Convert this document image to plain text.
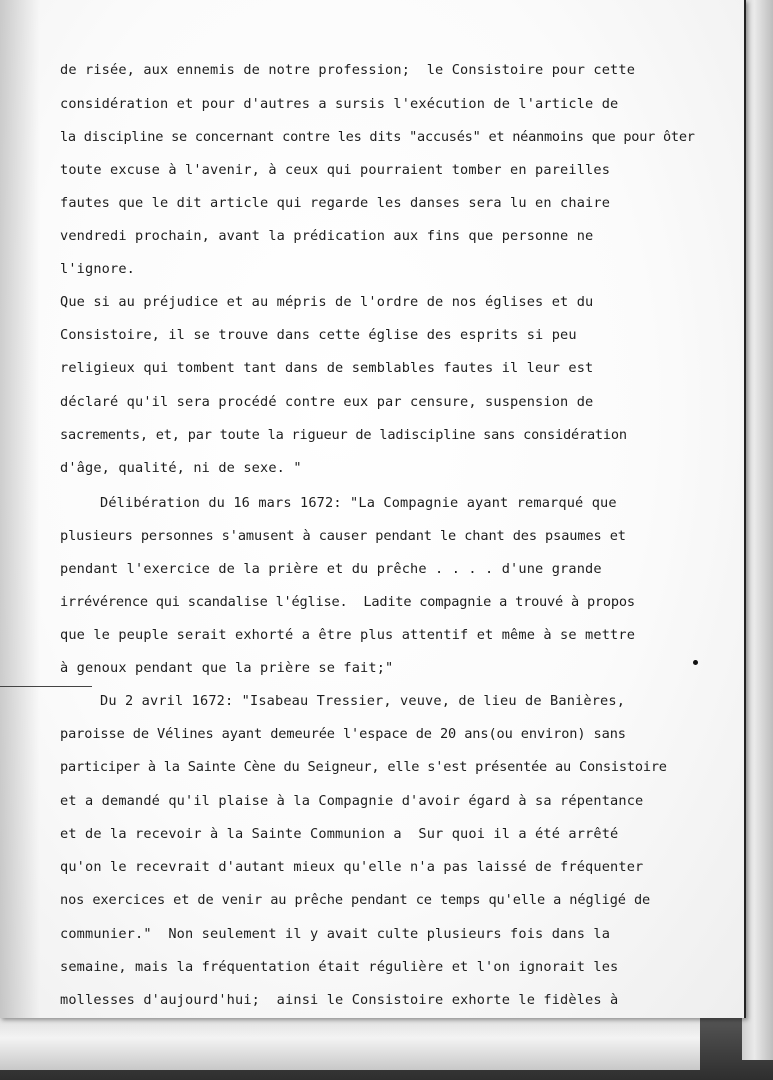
de risée, aux ennemis de notre profession;  le Consistoire pour cette
considération et pour d'autres a sursis l'exécution de l'article de
la discipline se concernant contre les dits "accusés" et néanmoins que pour ôter
toute excuse à l'avenir, à ceux qui pourraient tomber en pareilles
fautes que le dit article qui regarde les danses sera lu en chaire
vendredi prochain, avant la prédication aux fins que personne ne
l'ignore.
Que si au préjudice et au mépris de l'ordre de nos églises et du
Consistoire, il se trouve dans cette église des esprits si peu
religieux qui tombent tant dans de semblables fautes il leur est
déclaré qu'il sera procédé contre eux par censure, suspension de
sacrements, et, par toute la rigueur de ladiscipline sans considération
d'âge, qualité, ni de sexe. "
Délibération du 16 mars 1672: "La Compagnie ayant remarqué que
plusieurs personnes s'amusent à causer pendant le chant des psaumes et
pendant l'exercice de la prière et du prêche . . . . d'une grande
irrévérence qui scandalise l'église.  Ladite compagnie a trouvé à propos
que le peuple serait exhorté a être plus attentif et même à se mettre
à genoux pendant que la prière se fait;"
Du 2 avril 1672: "Isabeau Tressier, veuve, de lieu de Banières,
paroisse de Vélines ayant demeurée l'espace de 20 ans(ou environ) sans
participer à la Sainte Cène du Seigneur, elle s'est présentée au Consistoire
et a demandé qu'il plaise à la Compagnie d'avoir égard à sa répentance
et de la recevoir à la Sainte Communion a  Sur quoi il a été arrêté
qu'on le recevrait d'autant mieux qu'elle n'a pas laissé de fréquenter
nos exercices et de venir au prêche pendant ce temps qu'elle a négligé de
communier."  Non seulement il y avait culte plusieurs fois dans la
semaine, mais la fréquentation était régulière et l'on ignorait les
mollesses d'aujourd'hui;  ainsi le Consistoire exhorte le fidèles à
